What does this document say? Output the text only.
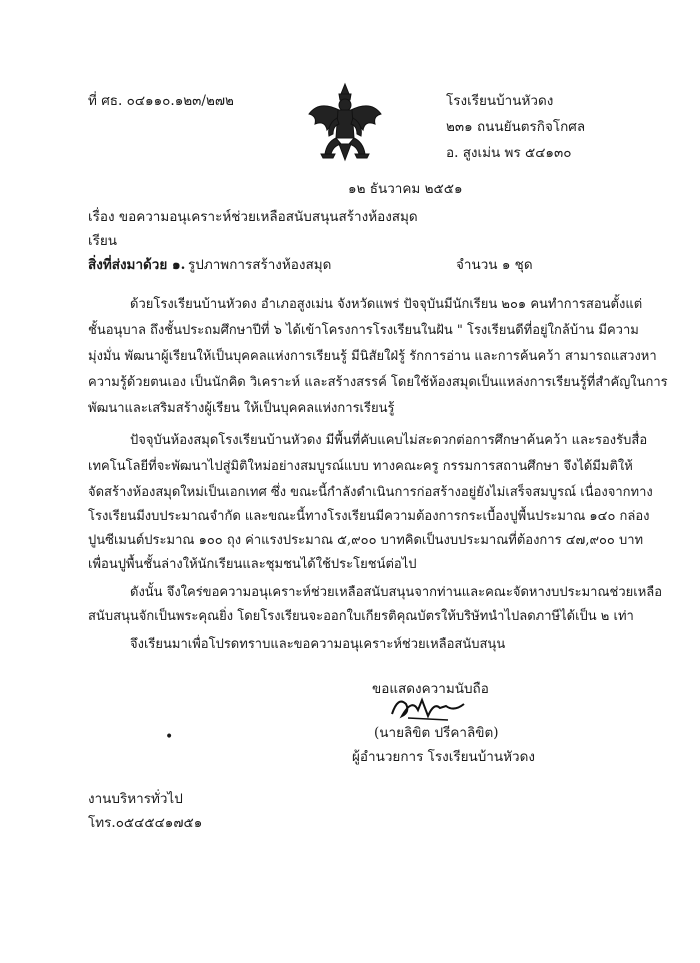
ที่ ศธ. ๐๔๑๑๐.๑๒๓/๒๗๒	โรงเรียนบ้านหัวดง
๒๓๑ ถนนยันตรกิจโกศล
อ. สูงเม่น พร ๕๔๑๓๐
๑๒ ธันวาคม ๒๕๕๑
เรื่อง ขอความอนุเคราะห์ช่วยเหลือสนับสนุนสร้างห้องสมุด
เรียน
สิ่งที่ส่งมาด้วย ๑. รูปภาพการสร้างห้องสมุด	จำนวน ๑ ชุด
ด้วยโรงเรียนบ้านหัวดง อำเภอสูงเม่น จังหวัดแพร่ ปัจจุบันมีนักเรียน ๒๐๑ คนทำการสอนตั้งแต่
ชั้นอนุบาล ถึงชั้นประถมศึกษาปีที่ ๖ ได้เข้าโครงการโรงเรียนในฝัน " โรงเรียนดีที่อยู่ใกล้บ้าน มีความ
มุ่งมั่น พัฒนาผู้เรียนให้เป็นบุคคลแห่งการเรียนรู้ มีนิสัยใฝ่รู้ รักการอ่าน และการค้นคว้า สามารถแสวงหา
ความรู้ด้วยตนเอง เป็นนักคิด วิเคราะห์ และสร้างสรรค์ โดยใช้ห้องสมุดเป็นแหล่งการเรียนรู้ที่สำคัญในการ
พัฒนาและเสริมสร้างผู้เรียน ให้เป็นบุคคลแห่งการเรียนรู้
ปัจจุบันห้องสมุดโรงเรียนบ้านหัวดง มีพื้นที่คับแคบไม่สะดวกต่อการศึกษาค้นคว้า และรองรับสื่อ
เทคโนโลยีที่จะพัฒนาไปสู่มิติใหม่อย่างสมบูรณ์แบบ ทางคณะครู กรรมการสถานศึกษา จึงได้มีมติให้
จัดสร้างห้องสมุดใหม่เป็นเอกเทศ ซึ่ง ขณะนี้กำลังดำเนินการก่อสร้างอยู่ยังไม่เสร็จสมบูรณ์ เนื่องจากทาง
โรงเรียนมีงบประมาณจำกัด และขณะนี้ทางโรงเรียนมีความต้องการกระเบื้องปูพื้นประมาณ ๑๔๐ กล่อง
ปูนซีเมนต์ประมาณ ๑๐๐ ถุง ค่าแรงประมาณ ๕,๙๐๐ บาทคิดเป็นงบประมาณที่ต้องการ ๔๗,๙๐๐ บาท
เพื่อนปูพื้นชั้นล่างให้นักเรียนและชุมชนได้ใช้ประโยชน์ต่อไป
ดังนั้น จึงใคร่ขอความอนุเคราะห์ช่วยเหลือสนับสนุนจากท่านและคณะจัดหางบประมาณช่วยเหลือ
สนับสนุนจักเป็นพระคุณยิ่ง โดยโรงเรียนจะออกใบเกียรติคุณบัตรให้บริษัทนำไปลดภาษีได้เป็น ๒ เท่า
จึงเรียนมาเพื่อโปรดทราบและขอความอนุเคราะห์ช่วยเหลือสนับสนุน
ขอแสดงความนับถือ
(นายลิขิต ปรีคาลิขิต)
ผู้อำนวยการ โรงเรียนบ้านหัวดง
•
งานบริหารทั่วไป
โทร.๐๕๔๕๔๑๗๕๑
